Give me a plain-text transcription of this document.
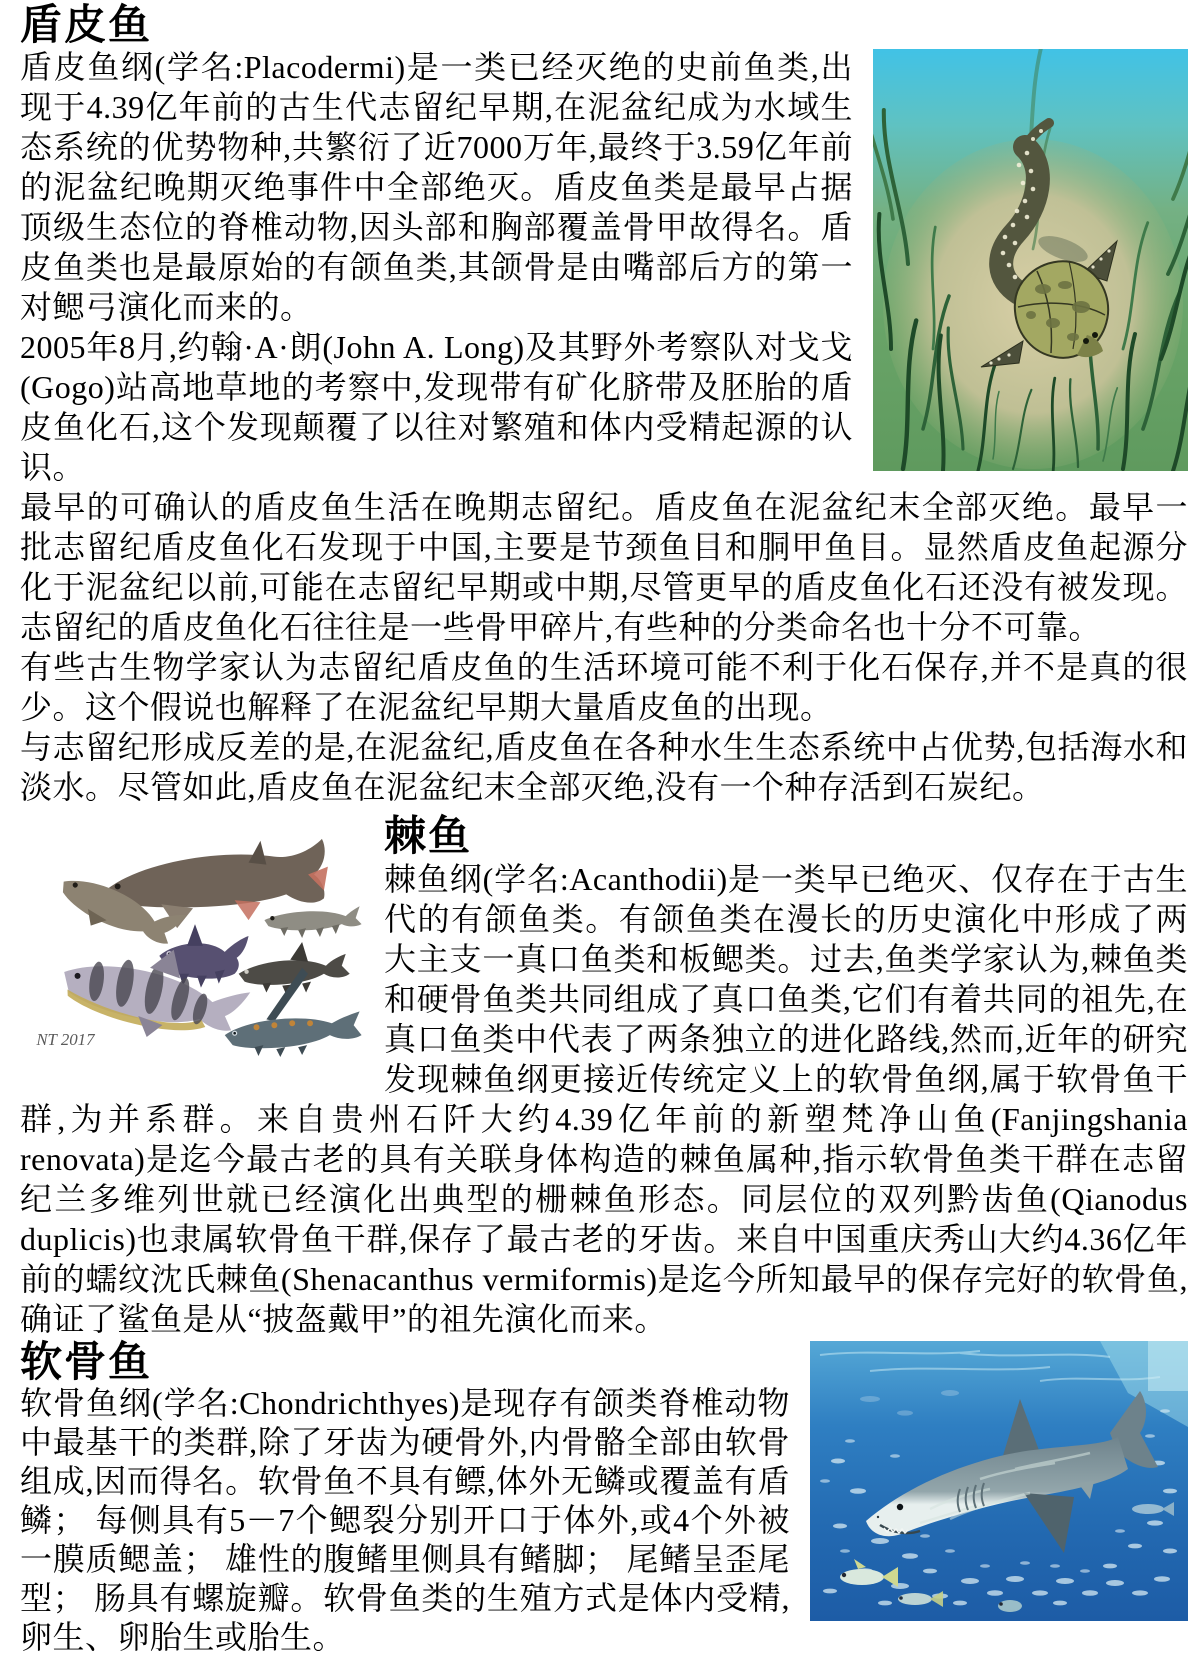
盾皮鱼

盾皮鱼纲(学名:Placodermi)是一类已经灭绝的史前鱼类,出现于4.39亿年前的古生代志留纪早期,在泥盆纪成为水域生态系统的优势物种,共繁衍了近7000万年,最终于3.59亿年前的泥盆纪晚期灭绝事件中全部绝灭。盾皮鱼类是最早占据顶级生态位的脊椎动物,因头部和胸部覆盖骨甲故得名。盾皮鱼类也是最原始的有颌鱼类,其颌骨是由嘴部后方的第一对鳃弓演化而来的。

2005年8月,约翰·A·朗(John A. Long)及其野外考察队对戈戈(Gogo)站高地草地的考察中,发现带有矿化脐带及胚胎的盾皮鱼化石,这个发现颠覆了以往对繁殖和体内受精起源的认识。

最早的可确认的盾皮鱼生活在晚期志留纪。盾皮鱼在泥盆纪末全部灭绝。最早一批志留纪盾皮鱼化石发现于中国,主要是节颈鱼目和胴甲鱼目。显然盾皮鱼起源分化于泥盆纪以前,可能在志留纪早期或中期,尽管更早的盾皮鱼化石还没有被发现。志留纪的盾皮鱼化石往往是一些骨甲碎片,有些种的分类命名也十分不可靠。

有些古生物学家认为志留纪盾皮鱼的生活环境可能不利于化石保存,并不是真的很少。这个假说也解释了在泥盆纪早期大量盾皮鱼的出现。

与志留纪形成反差的是,在泥盆纪,盾皮鱼在各种水生生态系统中占优势,包括海水和淡水。尽管如此,盾皮鱼在泥盆纪末全部灭绝,没有一个种存活到石炭纪。

NT 2017
棘鱼

棘鱼纲(学名:Acanthodii)是一类早已绝灭、仅存在于古生代的有颌鱼类。有颌鱼类在漫长的历史演化中形成了两大主支一真口鱼类和板鳃类。过去,鱼类学家认为,棘鱼类和硬骨鱼类共同组成了真口鱼类,它们有着共同的祖先,在真口鱼类中代表了两条独立的进化路线,然而,近年的研究发现棘鱼纲更接近传统定义上的软骨鱼纲,属于软骨鱼干群,为并系群。来自贵州石阡大约4.39亿年前的新塑梵净山鱼(Fanjingshania renovata)是迄今最古老的具有关联身体构造的棘鱼属种,指示软骨鱼类干群在志留纪兰多维列世就已经演化出典型的栅棘鱼形态。同层位的双列黔齿鱼(Qianodus duplicis)也隶属软骨鱼干群,保存了最古老的牙齿。来自中国重庆秀山大约4.36亿年前的蠕纹沈氏棘鱼(Shenacanthus vermiformis)是迄今所知最早的保存完好的软骨鱼,确证了鲨鱼是从“披盔戴甲”的祖先演化而来。

软骨鱼

软骨鱼纲(学名:Chondrichthyes)是现存有颌类脊椎动物中最基干的类群,除了牙齿为硬骨外,内骨骼全部由软骨组成,因而得名。软骨鱼不具有鳔,体外无鳞或覆盖有盾鳞； 每侧具有5－7个鳃裂分别开口于体外,或4个外被一膜质鳃盖； 雄性的腹鳍里侧具有鳍脚； 尾鳍呈歪尾型； 肠具有螺旋瓣。软骨鱼类的生殖方式是体内受精,卵生、卵胎生或胎生。
